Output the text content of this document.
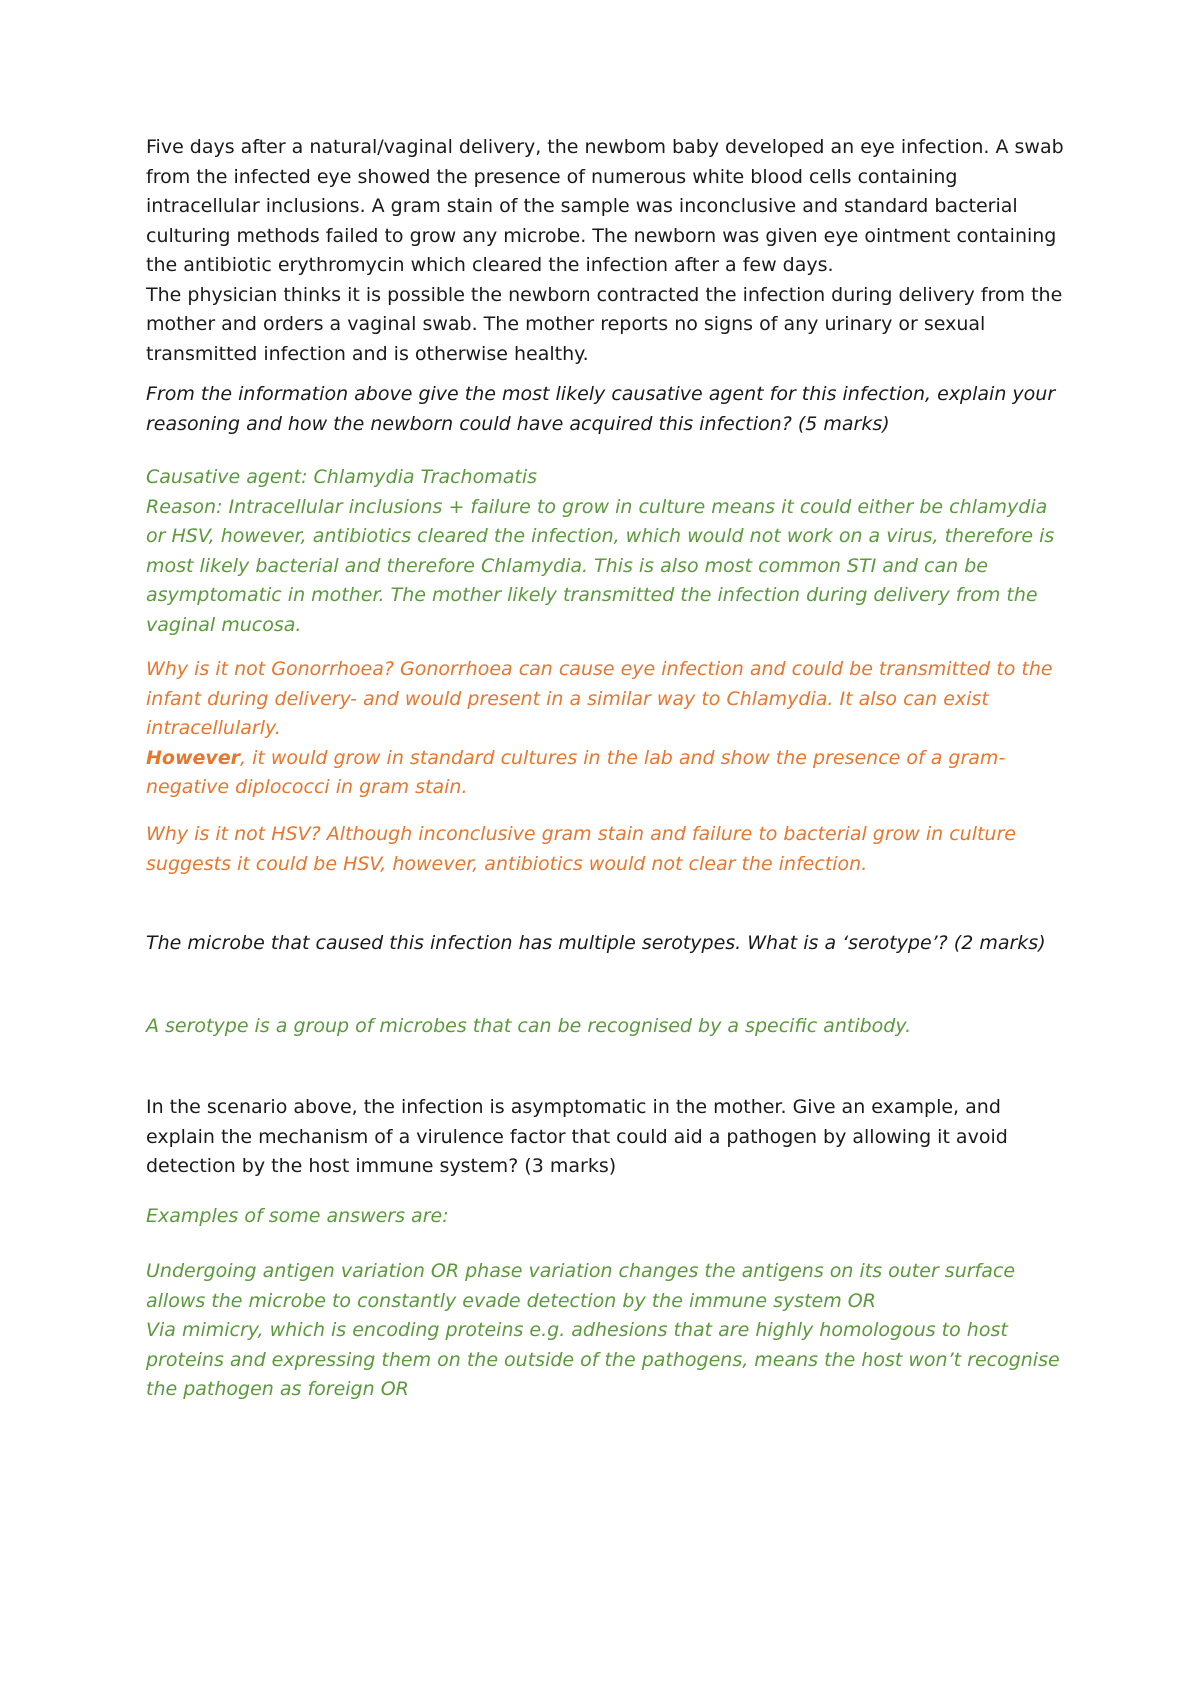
Five days after a natural/vaginal delivery, the newbom baby developed an eye infection. A swab from the infected eye showed the presence of numerous white blood cells containing intracellular inclusions. A gram stain of the sample was inconclusive and standard bacterial culturing methods failed to grow any microbe. The newborn was given eye ointment containing the antibiotic erythromycin which cleared the infection after a few days.

The physician thinks it is possible the newborn contracted the infection during delivery from the mother and orders a vaginal swab. The mother reports no signs of any urinary or sexual transmitted infection and is otherwise healthy.

From the information above give the most likely causative agent for this infection, explain your reasoning and how the newborn could have acquired this infection? (5 marks)

Causative agent: Chlamydia Trachomatis

Reason: Intracellular inclusions + failure to grow in culture means it could either be chlamydia or HSV, however, antibiotics cleared the infection, which would not work on a virus, therefore is most likely bacterial and therefore Chlamydia. This is also most common STI and can be asymptomatic in mother. The mother likely transmitted the infection during delivery from the vaginal mucosa.

Why is it not Gonorrhoea? Gonorrhoea can cause eye infection and could be transmitted to the infant during delivery- and would present in a similar way to Chlamydia. It also can exist intracellularly.

However, it would grow in standard cultures in the lab and show the presence of a gram-negative diplococci in gram stain.

Why is it not HSV? Although inconclusive gram stain and failure to bacterial grow in culture suggests it could be HSV, however, antibiotics would not clear the infection.

The microbe that caused this infection has multiple serotypes. What is a ‘serotype’? (2 marks)

A serotype is a group of microbes that can be recognised by a specific antibody.

In the scenario above, the infection is asymptomatic in the mother. Give an example, and explain the mechanism of a virulence factor that could aid a pathogen by allowing it avoid detection by the host immune system? (3 marks)

Examples of some answers are:

Undergoing antigen variation OR phase variation changes the antigens on its outer surface allows the microbe to constantly evade detection by the immune system OR

Via mimicry, which is encoding proteins e.g. adhesions that are highly homologous to host proteins and expressing them on the outside of the pathogens, means the host won’t recognise the pathogen as foreign OR
